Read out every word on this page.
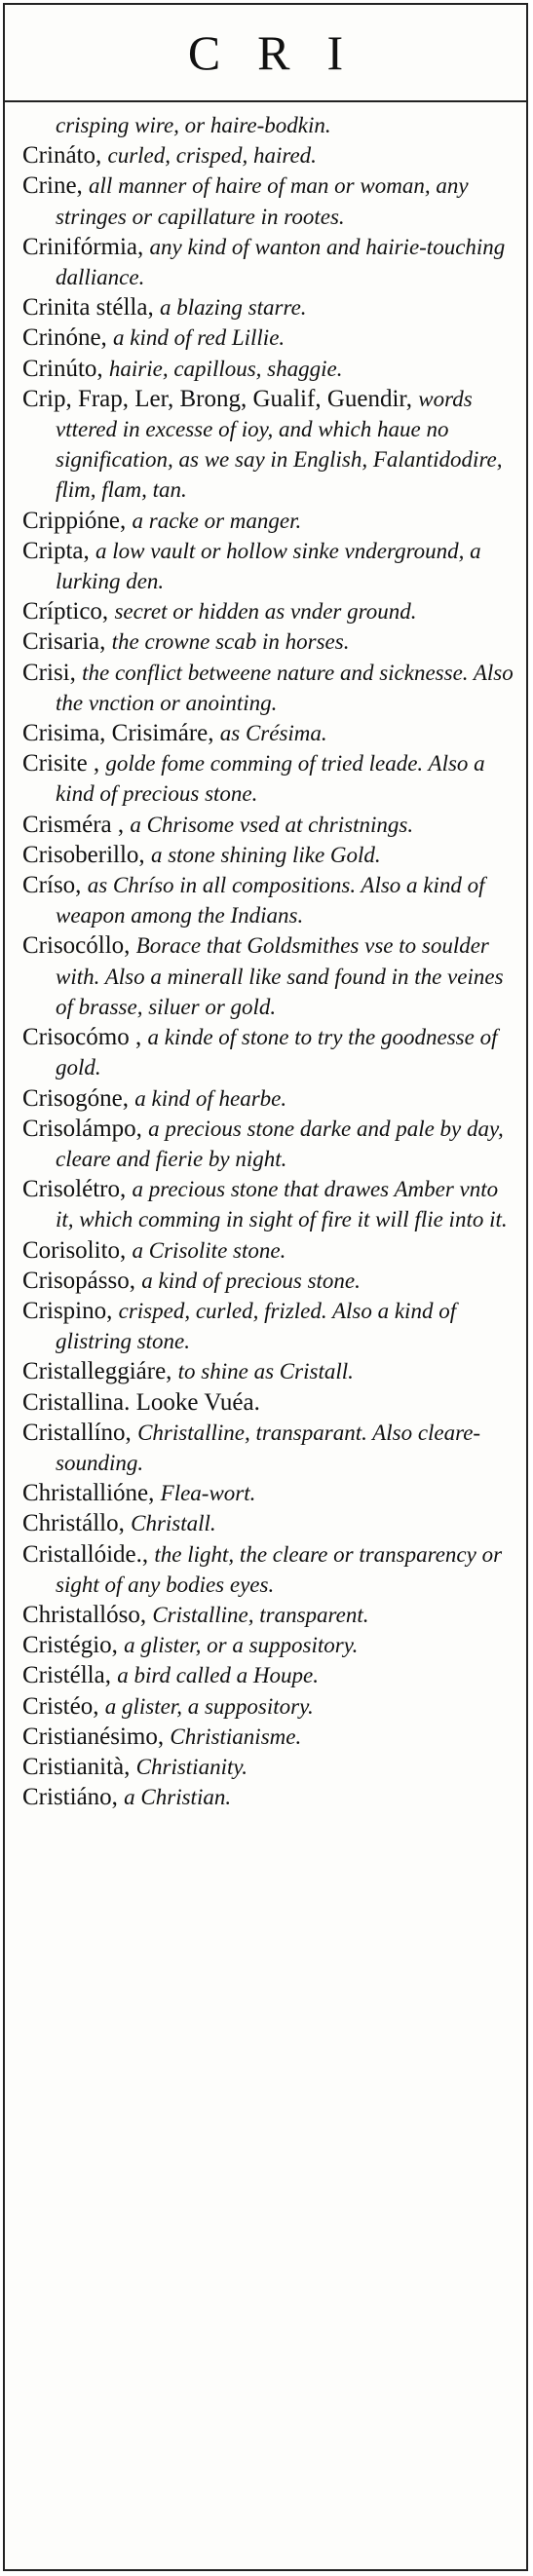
CRI

crisping wire, or haire-bodkin.

Crináto, curled, crisped, haired.

Crine, all manner of haire of man or woman, any stringes or capillature in rootes.

Crinifórmia, any kind of wanton and hairie-touching dalliance.

Crinita stélla, a blazing starre.

Crinóne, a kind of red Lillie.

Crinúto, hairie, capillous, shaggie.

Crip, Frap, Ler, Brong, Gualif, Guendir, words vttered in excesse of ioy, and which haue no signification, as we say in English, Falantidodire, flim, flam, tan.

Crippióne, a racke or manger.

Cripta, a low vault or hollow sinke vnderground, a lurking den.

Críptico, secret or hidden as vnder ground.

Crisaria, the crowne scab in horses.

Crisi, the conflict betweene nature and sicknesse. Also the vnction or anointing.

Crisima, Crisimáre, as Crésima.

Crisite , golde fome comming of tried leade. Also a kind of precious stone.

Crisméra , a Chrisome vsed at christnings.

Crisoberillo, a stone shining like Gold.

Críso, as Chríso in all compositions. Also a kind of weapon among the Indians.

Crisocóllo, Borace that Goldsmithes vse to soulder with. Also a minerall like sand found in the veines of brasse, siluer or gold.

Crisocómo , a kinde of stone to try the goodnesse of gold.

Crisogóne, a kind of hearbe.

Crisolámpo, a precious stone darke and pale by day, cleare and fierie by night.

Crisolétro, a precious stone that drawes Amber vnto it, which comming in sight of fire it will flie into it.

Corisolito, a Crisolite stone.

Crisopásso, a kind of precious stone.

Crispino, crisped, curled, frizled. Also a kind of glistring stone.

Cristalleggiáre, to shine as Cristall.

Cristallina. Looke Vuéa.

Cristallíno, Christalline, transparant. Also cleare-sounding.

Christallióne, Flea-wort.

Christállo, Christall.

Cristallóide., the light, the cleare or transparency or sight of any bodies eyes.

Christallóso, Cristalline, transparent.

Cristégio, a glister, or a suppository.

Cristélla, a bird called a Houpe.

Cristéo, a glister, a suppository.

Cristianésimo, Christianisme.

Cristianità, Christianity.

Cristiáno, a Christian.
